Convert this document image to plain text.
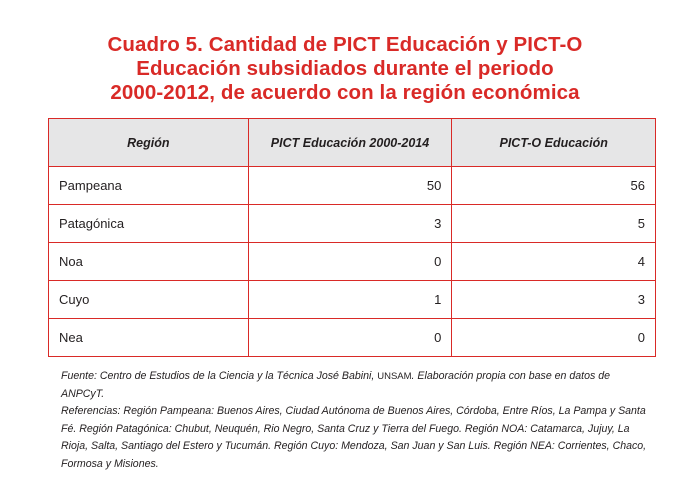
Cuadro 5. Cantidad de PICT Educación y PICT-O
Educación subsidiados durante el periodo
2000-2012, de acuerdo con la región económica
Región	PICT Educación 2000-2014	PICT-O Educación
Pampeana	50	56
Patagónica	3	5
Noa	0	4
Cuyo	1	3
Nea	0	0

Fuente: Centro de Estudios de la Ciencia y la Técnica José Babini, UNSAM. Elaboración propia con base en datos de ANPCyT.

Referencias: Región Pampeana: Buenos Aires, Ciudad Autónoma de Buenos Aires, Córdoba, Entre Ríos, La Pampa y Santa Fé. Región Patagónica: Chubut, Neuquén, Rio Negro, Santa Cruz y Tierra del Fuego. Región NOA: Catamarca, Jujuy, La Rioja, Salta, Santiago del Estero y Tucumán. Región Cuyo: Mendoza, San Juan y San Luis. Región NEA: Corrientes, Chaco, Formosa y Misiones.
